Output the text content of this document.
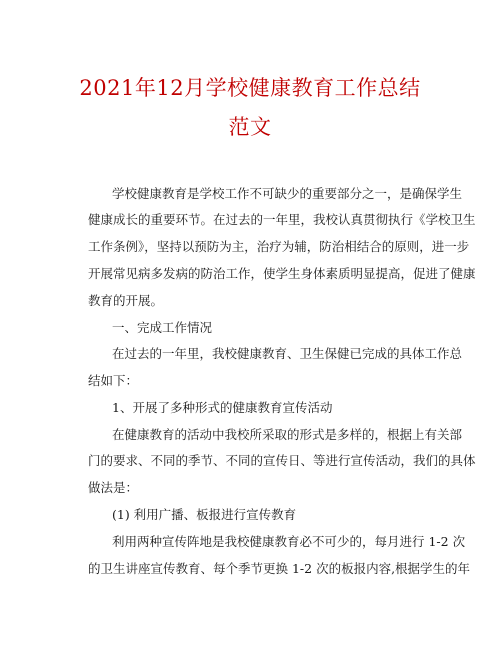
2021年12月学校健康教育工作总结
范文
学校健康教育是学校工作不可缺少的重要部分之一，是确保学生
健康成长的重要环节。在过去的一年里，我校认真贯彻执行《学校卫生
工作条例》，坚持以预防为主，治疗为辅，防治相结合的原则，进一步
开展常见病多发病的防治工作，使学生身体素质明显提高，促进了健康
教育的开展。
一、完成工作情况
在过去的一年里，我校健康教育、卫生保健已完成的具体工作总
结如下：
1、开展了多种形式的健康教育宣传活动
在健康教育的活动中我校所采取的形式是多样的，根据上有关部
门的要求、不同的季节、不同的宣传日、等进行宣传活动，我们的具体
做法是：
(1) 利用广播、板报进行宣传教育
利用两种宣传阵地是我校健康教育必不可少的，每月进行 1-2 次
的卫生讲座宣传教育、每个季节更换 1-2 次的板报内容,根据学生的年
